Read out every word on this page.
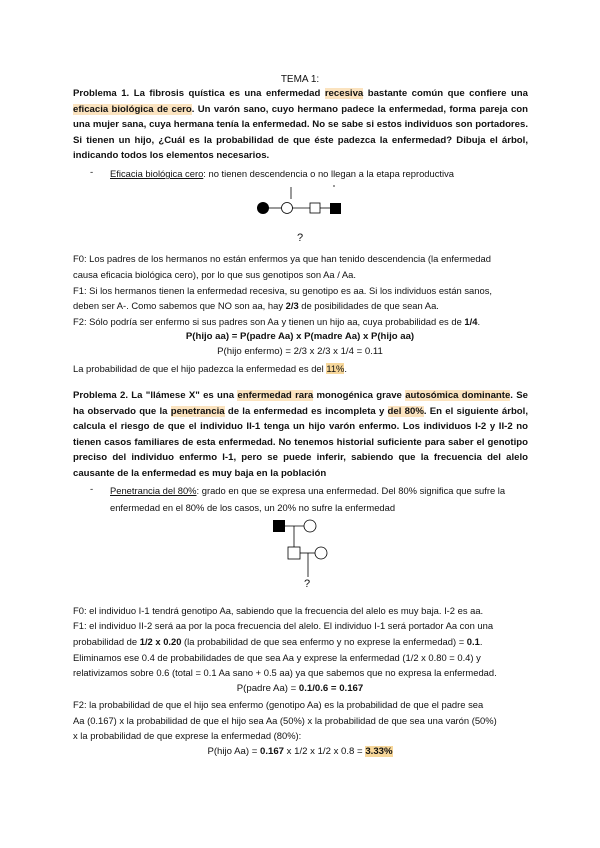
TEMA 1:
Problema 1. La fibrosis quística es una enfermedad recesiva bastante común que confiere una eficacia biológica de cero. Un varón sano, cuyo hermano padece la enfermedad, forma pareja con una mujer sana, cuya hermana tenía la enfermedad. No se sabe si estos individuos son portadores. Si tienen un hijo, ¿Cuál es la probabilidad de que éste padezca la enfermedad? Dibuja el árbol, indicando todos los elementos necesarios.
- Eficacia biológica cero: no tienen descendencia o no llegan a la etapa reproductiva
?
F0: Los padres de los hermanos no están enfermos ya que han tenido descendencia (la enfermedad
causa eficacia biológica cero), por lo que sus genotipos son Aa / Aa.
F1: Si los hermanos tienen la enfermedad recesiva, su genotipo es aa. Si los individuos están sanos,
deben ser A-. Como sabemos que NO son aa, hay 2/3 de posibilidades de que sean Aa.
F2: Sólo podría ser enfermo si sus padres son Aa y tienen un hijo aa, cuya probabilidad es de 1/4.
P(hijo aa) = P(padre Aa) x P(madre Aa) x P(hijo aa)
P(hijo enfermo) = 2/3 x 2/3 x 1/4 = 0.11
La probabilidad de que el hijo padezca la enfermedad es del 11%.
Problema 2. La "llámese X" es una enfermedad rara monogénica grave autosómica dominante. Se ha observado que la penetrancia de la enfermedad es incompleta y del 80%. En el siguiente árbol, calcula el riesgo de que el individuo II-1 tenga un hijo varón enfermo. Los individuos I-2 y II-2 no tienen casos familiares de esta enfermedad. No tenemos historial suficiente para saber el genotipo preciso del individuo enfermo I-1, pero se puede inferir, sabiendo que la frecuencia del alelo causante de la enfermedad es muy baja en la población
- Penetrancia del 80%: grado en que se expresa una enfermedad. Del 80% significa que sufre la enfermedad en el 80% de los casos, un 20% no sufre la enfermedad
?
F0: el individuo I-1 tendrá genotipo Aa, sabiendo que la frecuencia del alelo es muy baja. I-2 es aa.
F1: el individuo II-2 será aa por la poca frecuencia del alelo. El individuo I-1 será portador Aa con una
probabilidad de 1/2 x 0.20 (la probabilidad de que sea enfermo y no exprese la enfermedad) = 0.1.
Eliminamos ese 0.4 de probabilidades de que sea Aa y exprese la enfermedad (1/2 x 0.80 = 0.4) y
relativizamos sobre 0.6 (total = 0.1 Aa sano + 0.5 aa) ya que sabemos que no expresa la enfermedad.
P(padre Aa) = 0.1/0.6 = 0.167
F2: la probabilidad de que el hijo sea enfermo (genotipo Aa) es la probabilidad de que el padre sea
Aa (0.167) x la probabilidad de que el hijo sea Aa (50%) x la probabilidad de que sea una varón (50%)
x la probabilidad de que exprese la enfermedad (80%):
P(hijo Aa) = 0.167 x 1/2 x 1/2 x 0.8 = 3.33%
